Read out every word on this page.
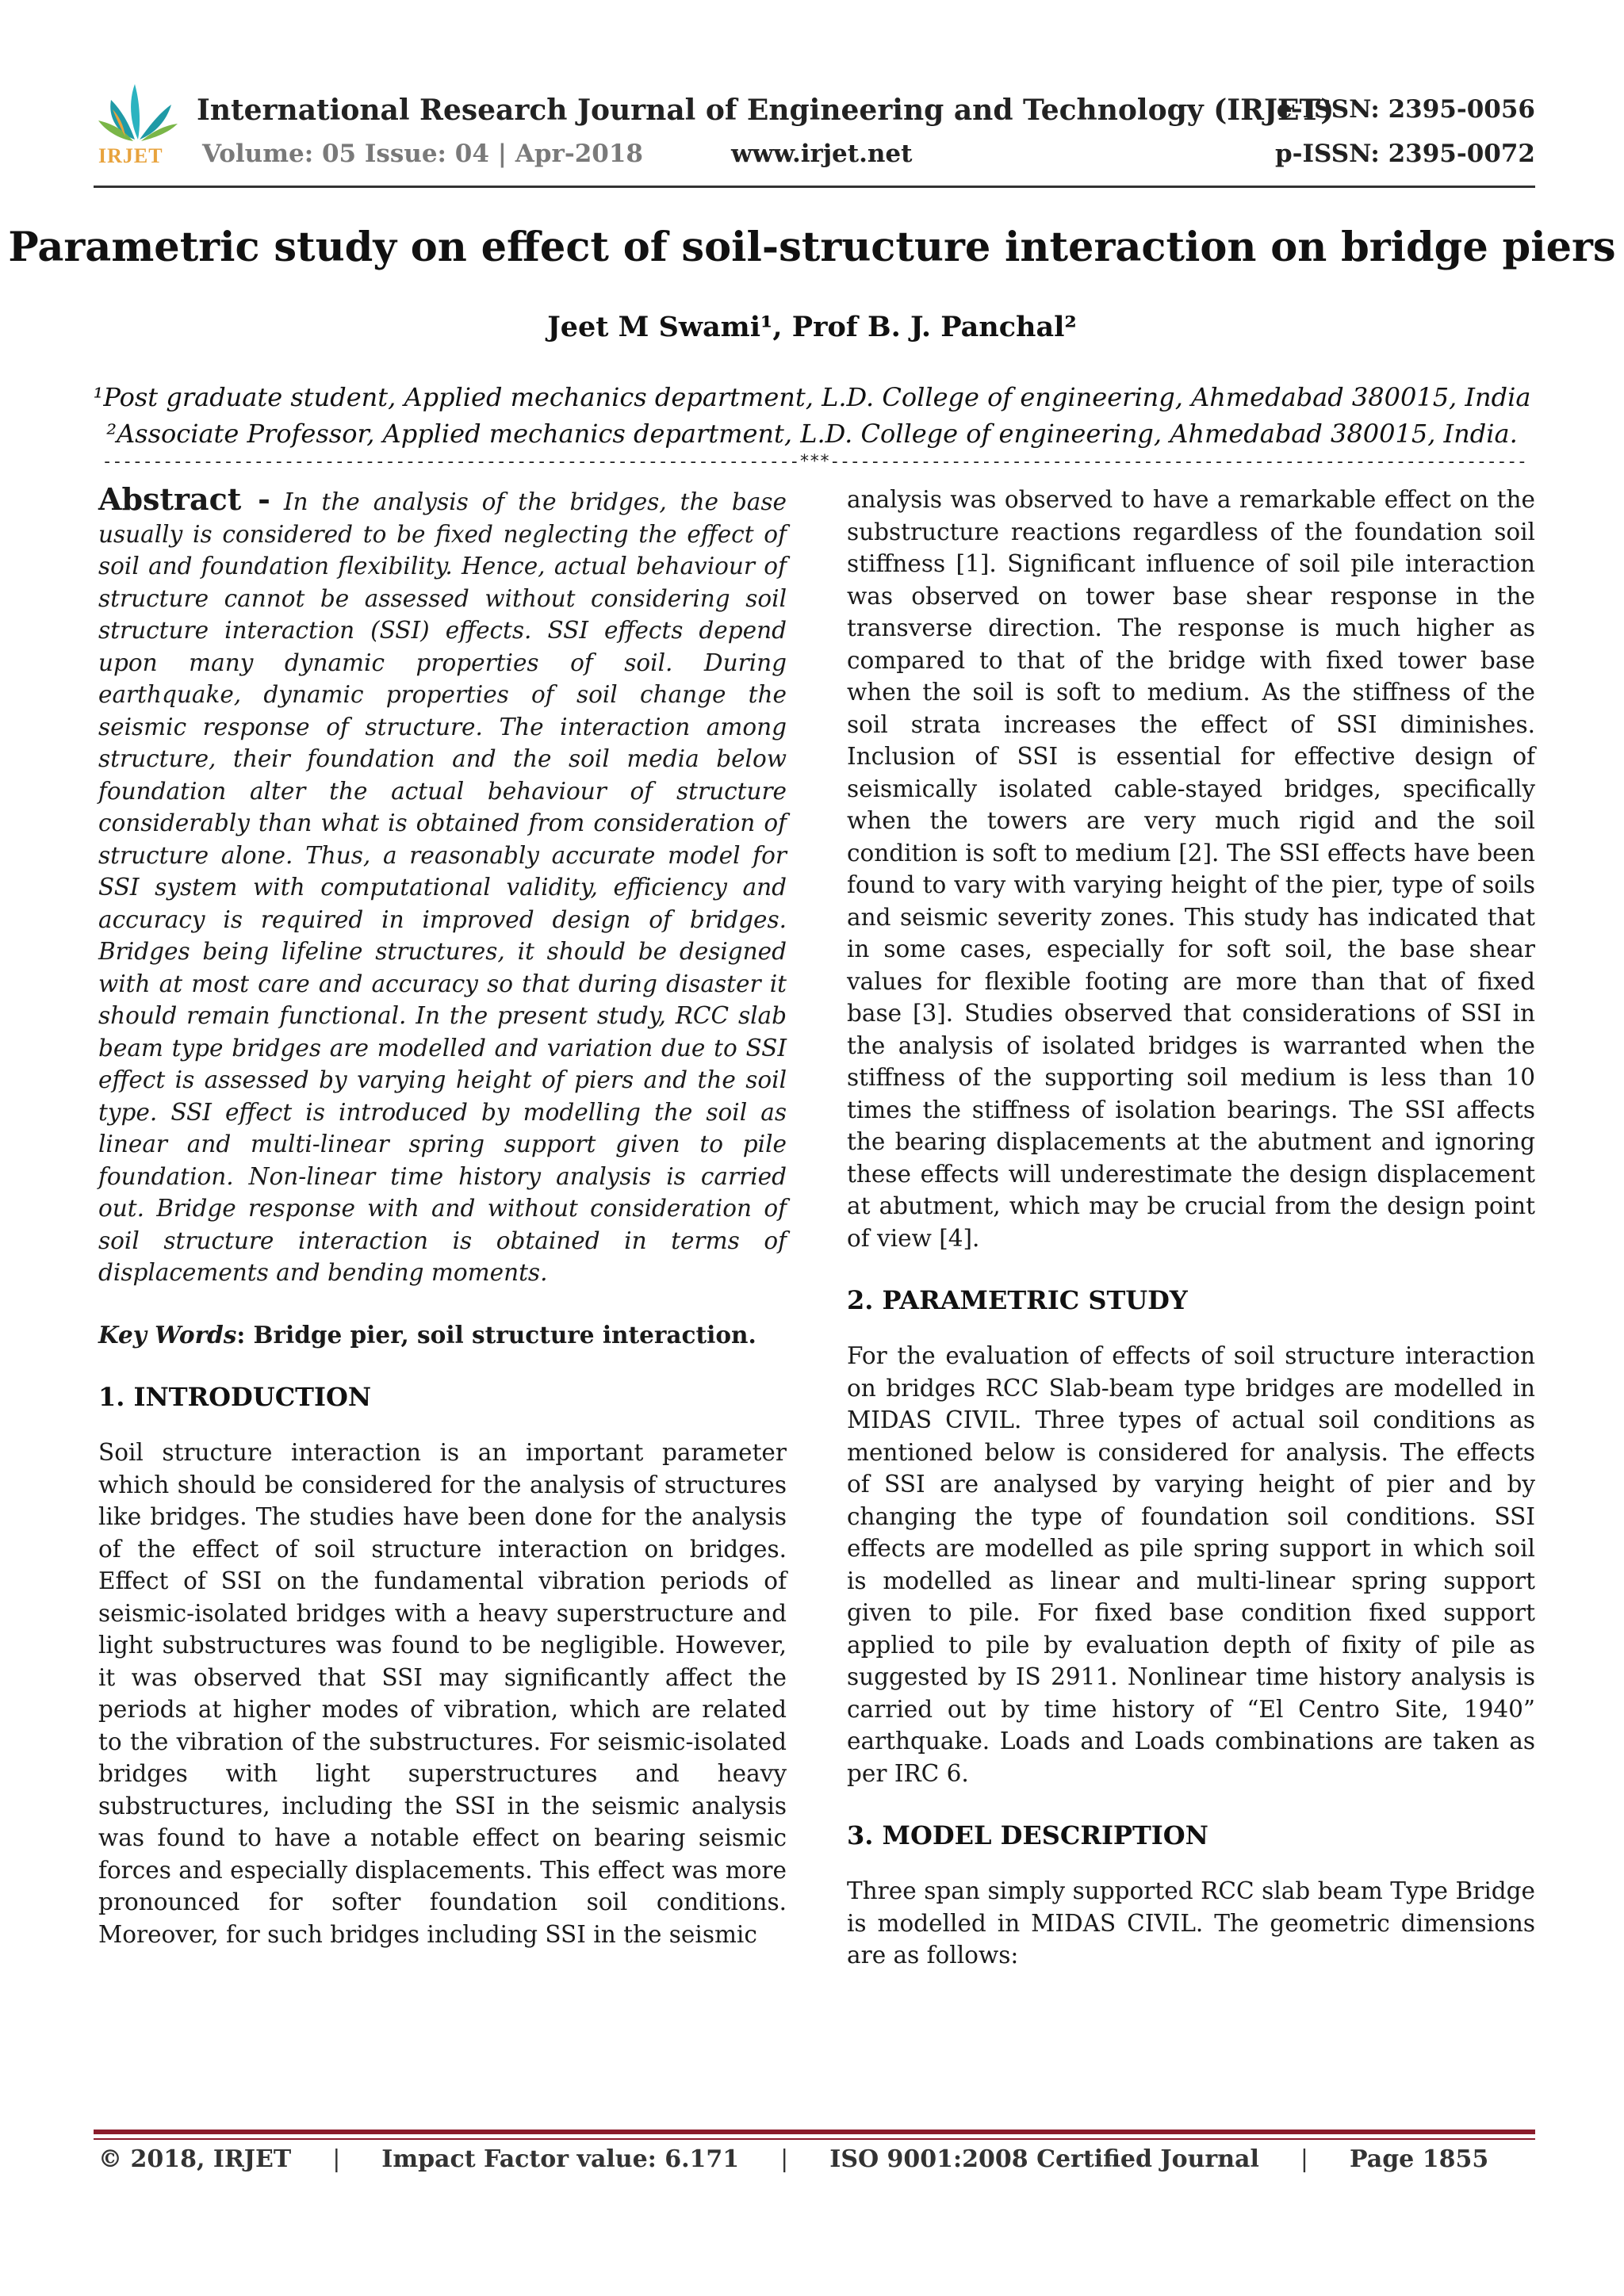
IRJET
International Research Journal of Engineering and Technology (IRJET)
e-ISSN: 2395-0056
Volume: 05 Issue: 04 | Apr-2018	www.irjet.net	p-ISSN: 2395-0072
Parametric study on effect of soil-structure interaction on bridge piers
Jeet M Swami¹, Prof B. J. Panchal²
¹Post graduate student, Applied mechanics department, L.D. College of engineering, Ahmedabad 380015, India
²Associate Professor, Applied mechanics department, L.D. College of engineering, Ahmedabad 380015, India.
---------------------------------------------------------------------***---------------------------------------------------------------------

Abstract - In the analysis of the bridges, the base usually is considered to be fixed neglecting the effect of soil and foundation flexibility. Hence, actual behaviour of structure cannot be assessed without considering soil structure interaction (SSI) effects. SSI effects depend upon many dynamic properties of soil. During earthquake, dynamic properties of soil change the seismic response of structure. The interaction among structure, their foundation and the soil media below foundation alter the actual behaviour of structure considerably than what is obtained from consideration of structure alone. Thus, a reasonably accurate model for SSI system with computational validity, efficiency and accuracy is required in improved design of bridges. Bridges being lifeline structures, it should be designed with at most care and accuracy so that during disaster it should remain functional. In the present study, RCC slab beam type bridges are modelled and variation due to SSI effect is assessed by varying height of piers and the soil type. SSI effect is introduced by modelling the soil as linear and multi-linear spring support given to pile foundation. Non-linear time history analysis is carried out. Bridge response with and without consideration of soil structure interaction is obtained in terms of displacements and bending moments.

Key Words: Bridge pier, soil structure interaction.

1. INTRODUCTION

Soil structure interaction is an important parameter which should be considered for the analysis of structures like bridges. The studies have been done for the analysis of the effect of soil structure interaction on bridges. Effect of SSI on the fundamental vibration periods of seismic-isolated bridges with a heavy superstructure and light substructures was found to be negligible. However, it was observed that SSI may significantly affect the periods at higher modes of vibration, which are related to the vibration of the substructures. For seismic-isolated bridges with light superstructures and heavy substructures, including the SSI in the seismic analysis was found to have a notable effect on bearing seismic forces and especially displacements. This effect was more pronounced for softer foundation soil conditions. Moreover, for such bridges including SSI in the seismic

analysis was observed to have a remarkable effect on the substructure reactions regardless of the foundation soil stiffness [1]. Significant influence of soil pile interaction was observed on tower base shear response in the transverse direction. The response is much higher as compared to that of the bridge with fixed tower base when the soil is soft to medium. As the stiffness of the soil strata increases the effect of SSI diminishes. Inclusion of SSI is essential for effective design of seismically isolated cable-stayed bridges, specifically when the towers are very much rigid and the soil condition is soft to medium [2]. The SSI effects have been found to vary with varying height of the pier, type of soils and seismic severity zones. This study has indicated that in some cases, especially for soft soil, the base shear values for flexible footing are more than that of fixed base [3]. Studies observed that considerations of SSI in the analysis of isolated bridges is warranted when the stiffness of the supporting soil medium is less than 10 times the stiffness of isolation bearings. The SSI affects the bearing displacements at the abutment and ignoring these effects will underestimate the design displacement at abutment, which may be crucial from the design point of view [4].

2. PARAMETRIC STUDY

For the evaluation of effects of soil structure interaction on bridges RCC Slab-beam type bridges are modelled in MIDAS CIVIL. Three types of actual soil conditions as mentioned below is considered for analysis. The effects of SSI are analysed by varying height of pier and by changing the type of foundation soil conditions. SSI effects are modelled as pile spring support in which soil is modelled as linear and multi-linear spring support given to pile. For fixed base condition fixed support applied to pile by evaluation depth of fixity of pile as suggested by IS 2911. Nonlinear time history analysis is carried out by time history of “El Centro Site, 1940” earthquake. Loads and Loads combinations are taken as per IRC 6.

3. MODEL DESCRIPTION

Three span simply supported RCC slab beam Type Bridge is modelled in MIDAS CIVIL. The geometric dimensions are as follows:

© 2018, IRJET | Impact Factor value: 6.171 | ISO 9001:2008 Certified Journal | Page 1855
